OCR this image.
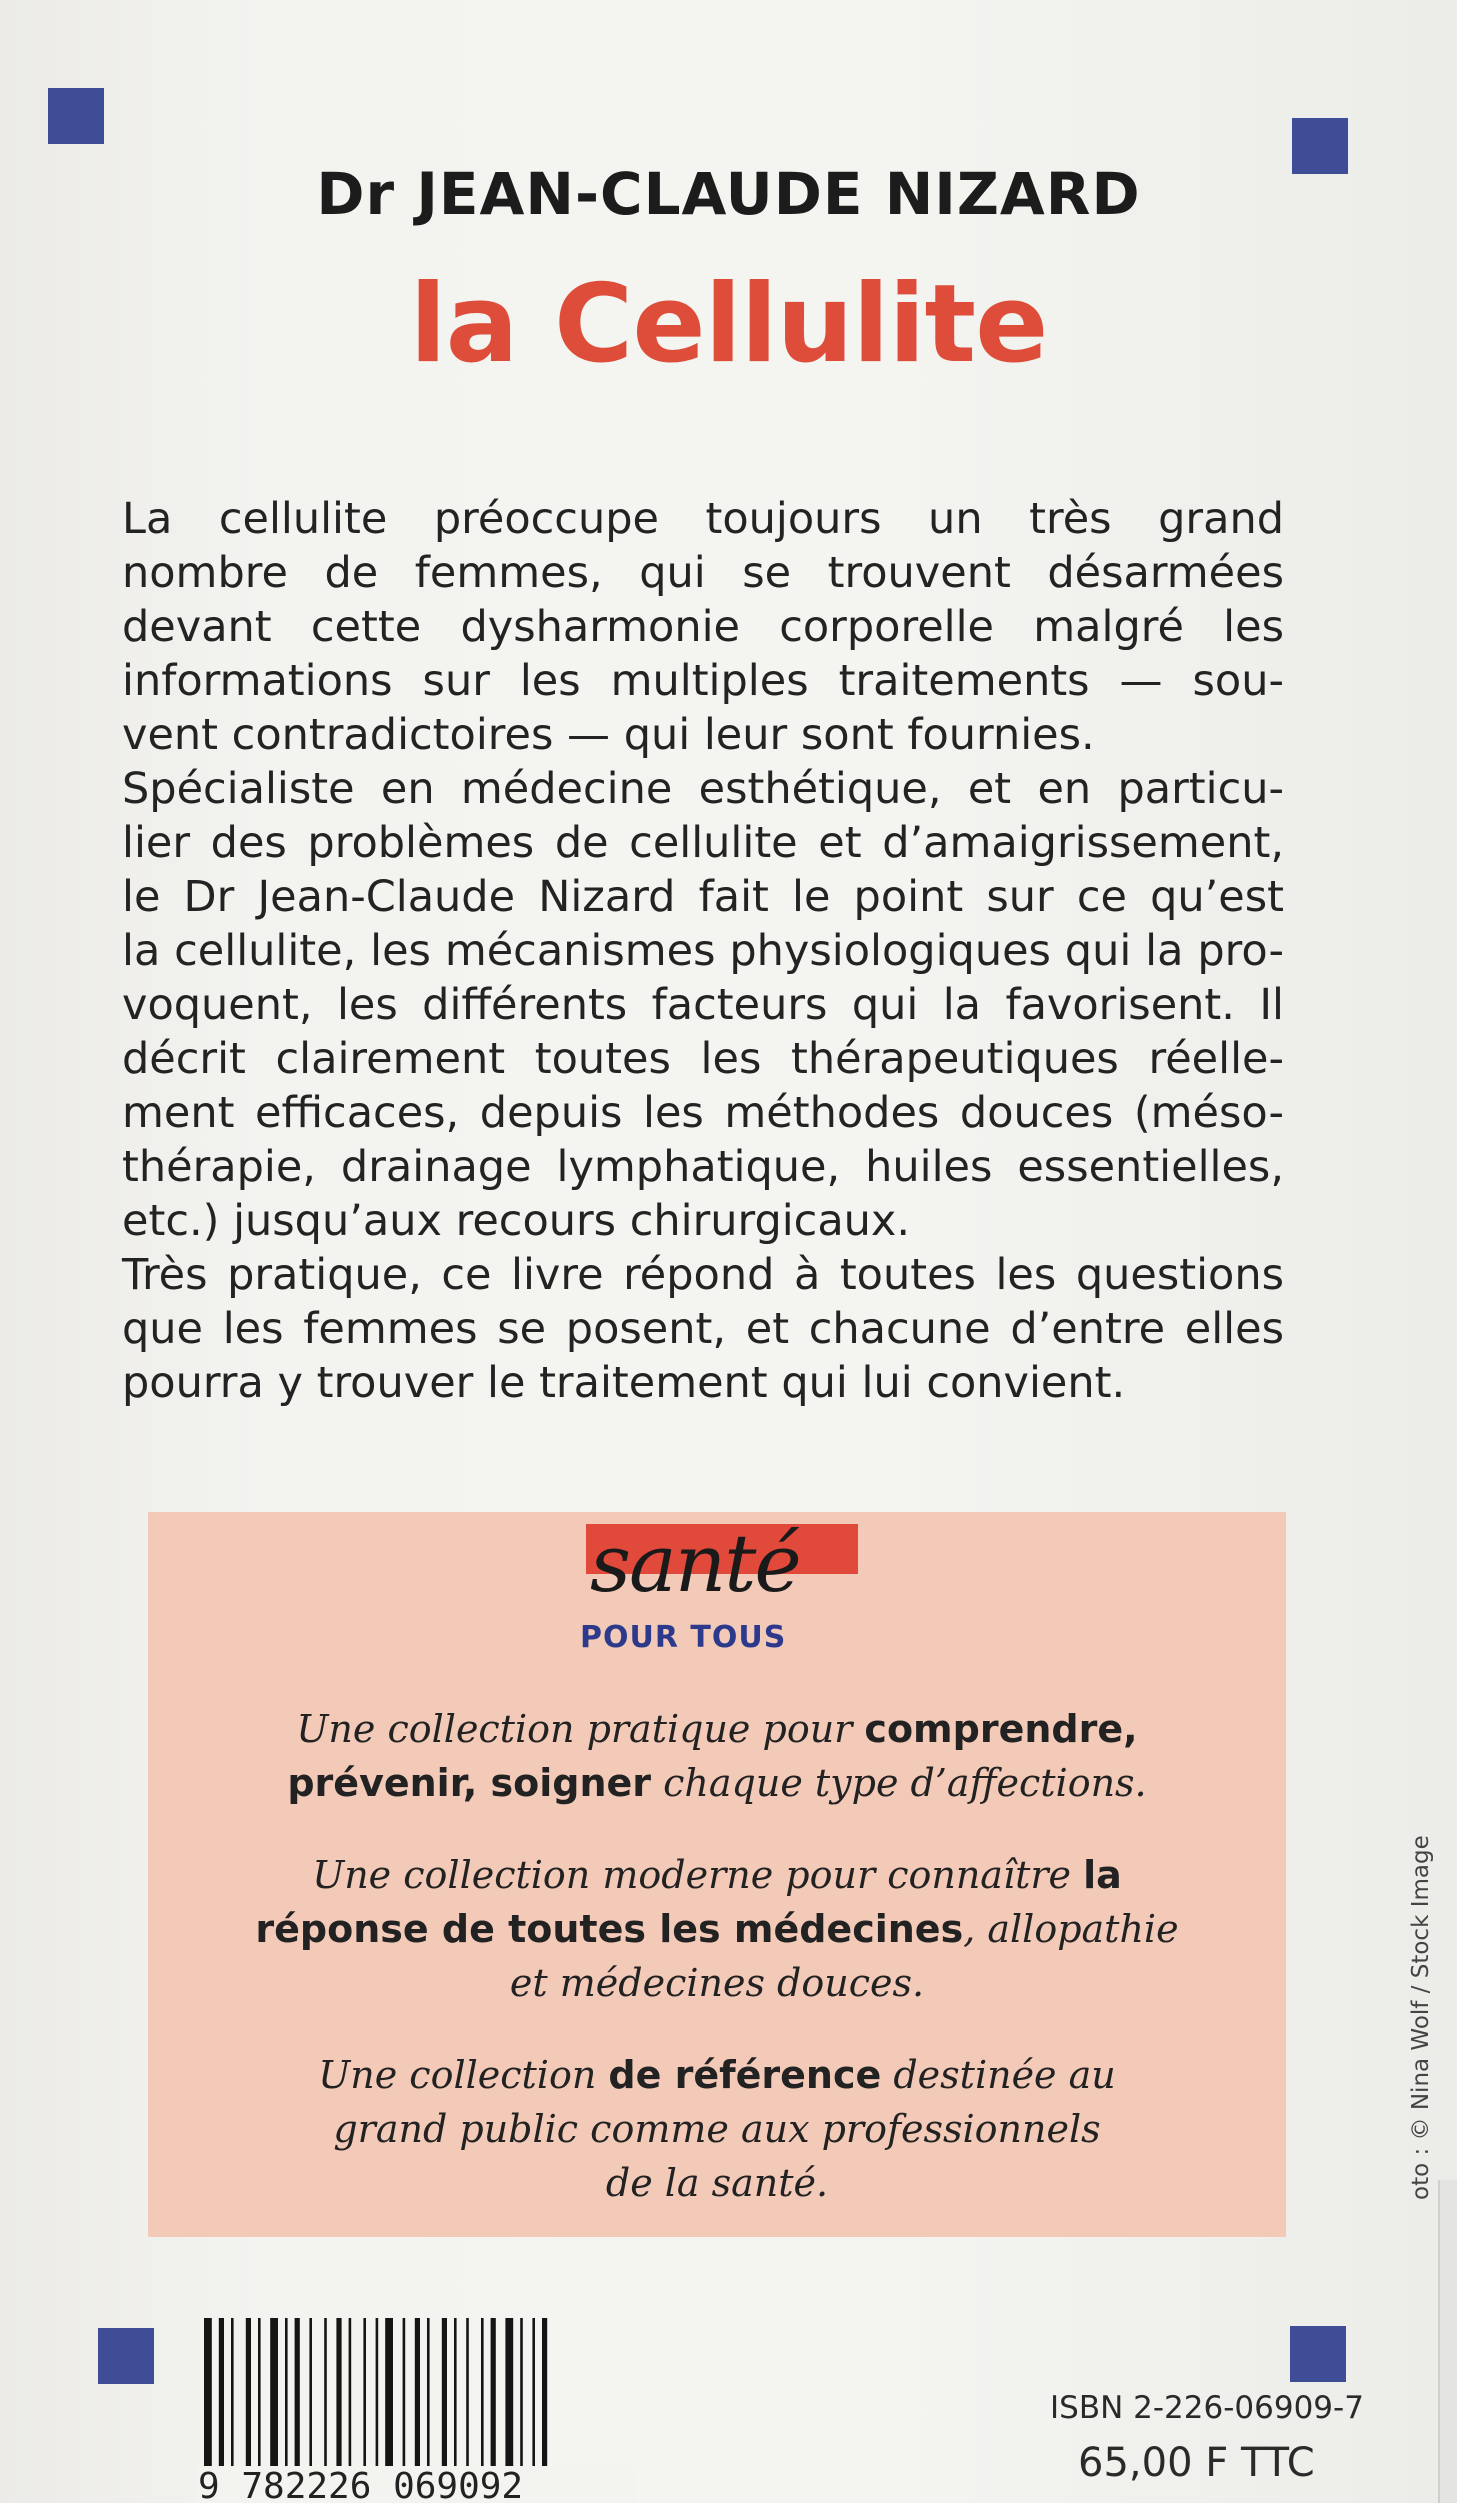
Dr JEAN-CLAUDE NIZARD
la Cellulite
La cellulite préoccupe toujours un très grand
nombre de femmes, qui se trouvent désarmées
devant cette dysharmonie corporelle malgré les
informations sur les multiples traitements — sou-
vent contradictoires — qui leur sont fournies.
Spécialiste en médecine esthétique, et en particu-
lier des problèmes de cellulite et d’amaigrissement,
le Dr Jean-Claude Nizard fait le point sur ce qu’est
la cellulite, les mécanismes physiologiques qui la pro-
voquent, les différents facteurs qui la favorisent. Il
décrit clairement toutes les thérapeutiques réelle-
ment efficaces, depuis les méthodes douces (méso-
thérapie, drainage lymphatique, huiles essentielles,
etc.) jusqu’aux recours chirurgicaux.
Très pratique, ce livre répond à toutes les questions
que les femmes se posent, et chacune d’entre elles
pourra y trouver le traitement qui lui convient.
santé
POUR TOUS
Une collection pratique pour comprendre,
prévenir, soigner chaque type d’affections.
Une collection moderne pour connaître la
réponse de toutes les médecines, allopathie
et médecines douces.
Une collection de référence destinée au
grand public comme aux professionnels
de la santé.	oto : © Nina Wolf / Stock Image
9 782226 069092
ISBN 2-226-06909-7
65,00 F TTC
